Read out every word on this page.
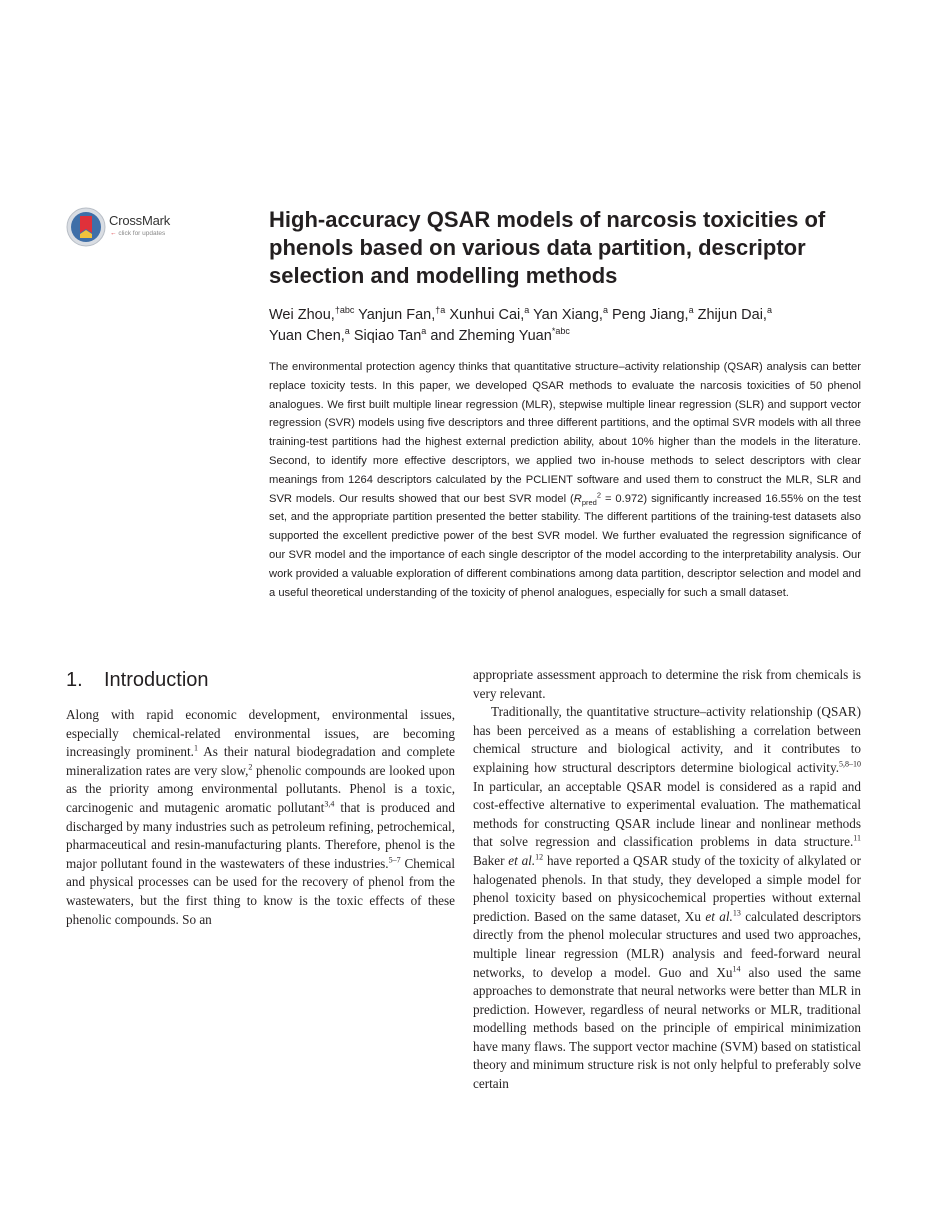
CrossMark
← click for updates
High-accuracy QSAR models of narcosis toxicities of phenols based on various data partition, descriptor selection and modelling methods
Wei Zhou,$^{\dagger abc}$ Yanjun Fan,$^{\dagger a}$ Xunhui Cai,$^a$ Yan Xiang,$^a$ Peng Jiang,$^a$ Zhijun Dai,$^a$
Yuan Chen,$^a$ Siqiao Tan$^a$ and Zheming Yuan$^{*abc}$

The environmental protection agency thinks that quantitative structure–activity relationship (QSAR) analysis can better replace toxicity tests. In this paper, we developed QSAR methods to evaluate the narcosis toxicities of 50 phenol analogues. We first built multiple linear regression (MLR), stepwise multiple linear regression (SLR) and support vector regression (SVR) models using five descriptors and three different partitions, and the optimal SVR models with all three training-test partitions had the highest external prediction ability, about 10% higher than the models in the literature. Second, to identify more effective descriptors, we applied two in-house methods to select descriptors with clear meanings from 1264 descriptors calculated by the PCLIENT software and used them to construct the MLR, SLR and SVR models. Our results showed that our best SVR model $(R_{pred}^2 = 0.972)$ significantly increased 16.55% on the test set, and the appropriate partition presented the better stability. The different partitions of the training-test datasets also supported the excellent predictive power of the best SVR model. We further evaluated the regression significance of our SVR model and the importance of each single descriptor of the model according to the interpretability analysis. Our work provided a valuable exploration of different combinations among data partition, descriptor selection and model and a useful theoretical understanding of the toxicity of phenol analogues, especially for such a small dataset.

1. Introduction

Along with rapid economic development, environmental issues, especially chemical-related environmental issues, are becoming increasingly prominent.$^1$ As their natural biodegradation and complete mineralization rates are very slow,$^2$ phenolic compounds are looked upon as the priority among environmental pollutants. Phenol is a toxic, carcinogenic and mutagenic aromatic pollutant$^{3,4}$ that is produced and discharged by many industries such as petroleum refining, petrochemical, pharmaceutical and resin-manufacturing plants. Therefore, phenol is the major pollutant found in the wastewaters of these industries.$^{5-7}$ Chemical and physical processes can be used for the recovery of phenol from the wastewaters, but the first thing to know is the toxic effects of these phenolic compounds. So an

appropriate assessment approach to determine the risk from chemicals is very relevant.

Traditionally, the quantitative structure–activity relationship (QSAR) has been perceived as a means of establishing a correlation between chemical structure and biological activity, and it contributes to explaining how structural descriptors determine biological activity.$^{5,8-10}$ In particular, an acceptable QSAR model is considered as a rapid and cost-effective alternative to experimental evaluation. The mathematical methods for constructing QSAR include linear and nonlinear methods that solve regression and classification problems in data structure.$^{11}$ Baker et al.$^{12}$ have reported a QSAR study of the toxicity of alkylated or halogenated phenols. In that study, they developed a simple model for phenol toxicity based on physicochemical properties without external prediction. Based on the same dataset, Xu et al.$^{13}$ calculated descriptors directly from the phenol molecular structures and used two approaches, multiple linear regression (MLR) analysis and feed-forward neural networks, to develop a model. Guo and Xu$^{14}$ also used the same approaches to demonstrate that neural networks were better than MLR in prediction. However, regardless of neural networks or MLR, traditional modelling methods based on the principle of empirical minimization have many flaws. The support vector machine (SVM) based on statistical theory and minimum structure risk is not only helpful to preferably solve certain
